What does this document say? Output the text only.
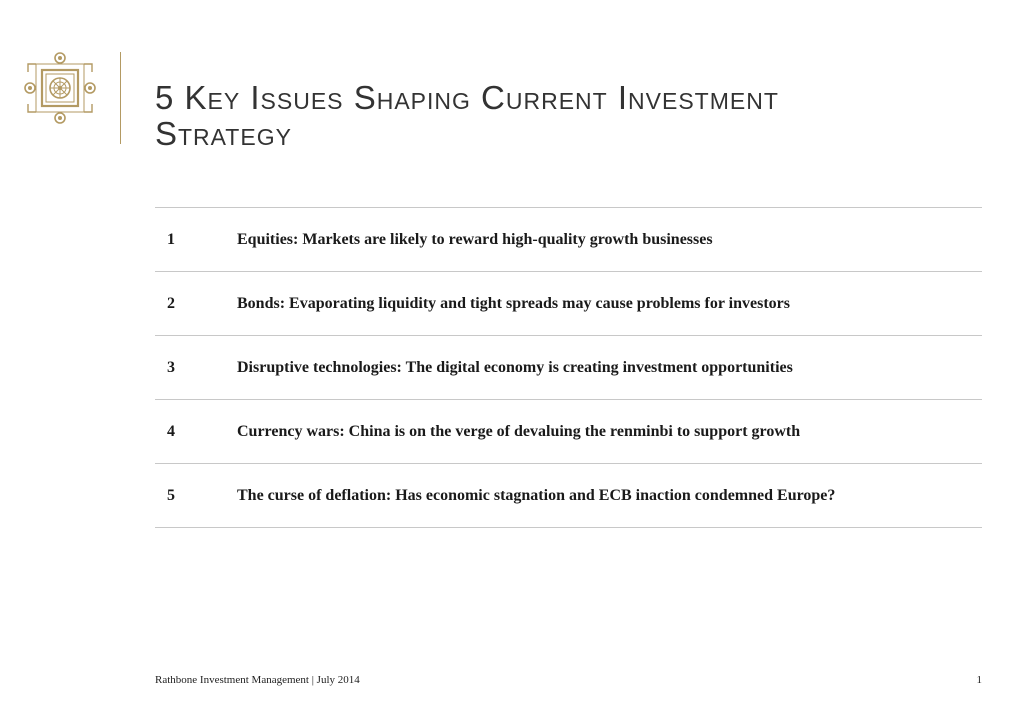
5 Key Issues Shaping Current Investment Strategy
1	Equities: Markets are likely to reward high-quality growth businesses
2	Bonds: Evaporating liquidity and tight spreads may cause problems for investors
3	Disruptive technologies: The digital economy is creating investment opportunities
4	Currency wars: China is on the verge of devaluing the renminbi to support growth
5	The curse of deflation: Has economic stagnation and ECB inaction condemned Europe?
Rathbone Investment Management | July 2014	1
